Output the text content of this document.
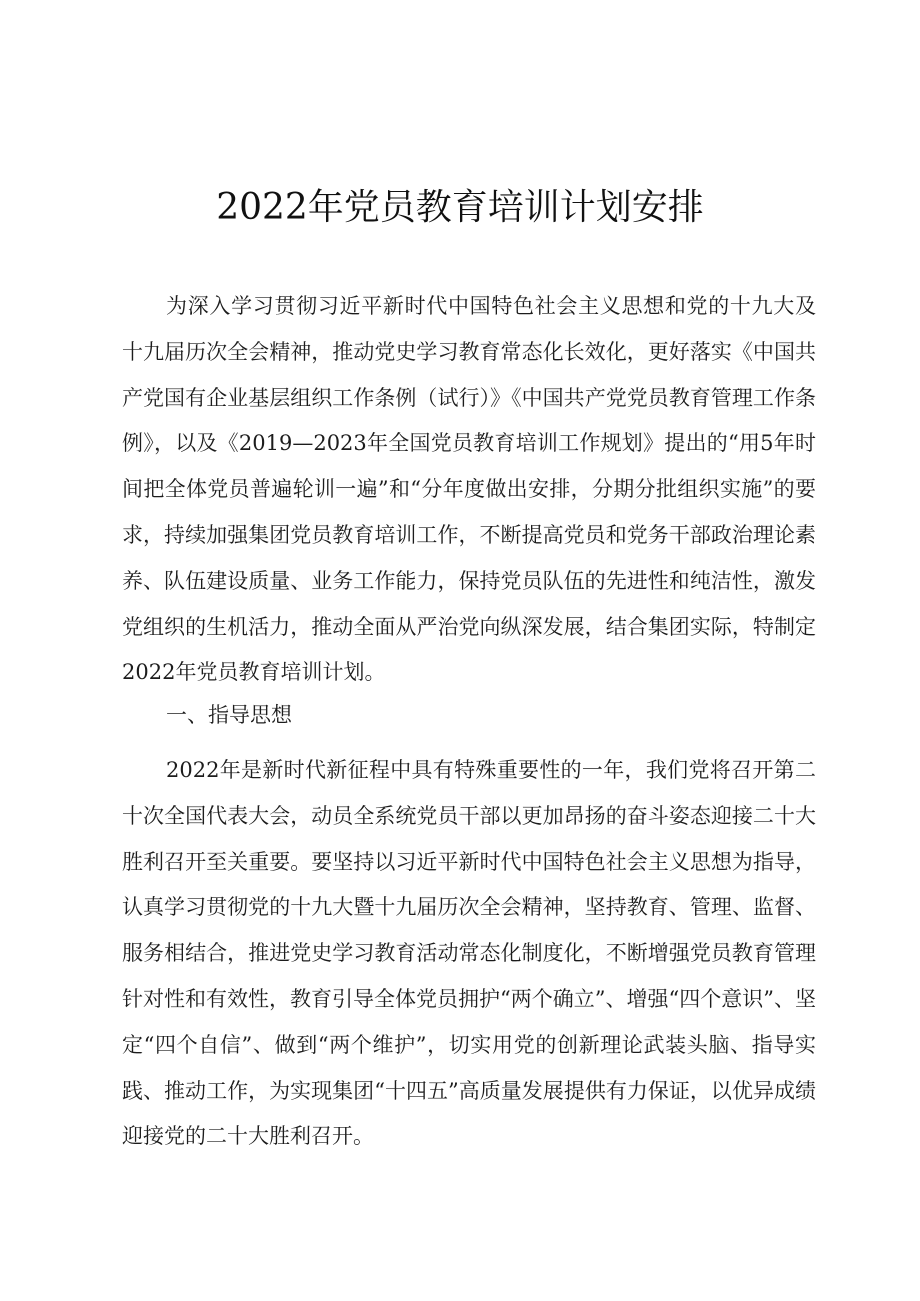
2022年党员教育培训计划安排

为深入学习贯彻习近平新时代中国特色社会主义思想和党的十九大及十九届历次全会精神，推动党史学习教育常态化长效化，更好落实《中国共产党国有企业基层组织工作条例（试行）》《中国共产党党员教育管理工作条例》，以及《2019—2023年全国党员教育培训工作规划》提出的“用5年时间把全体党员普遍轮训一遍”和“分年度做出安排，分期分批组织实施”的要求，持续加强集团党员教育培训工作，不断提高党员和党务干部政治理论素养、队伍建设质量、业务工作能力，保持党员队伍的先进性和纯洁性，激发党组织的生机活力，推动全面从严治党向纵深发展，结合集团实际，特制定2022年党员教育培训计划。

一、指导思想

2022年是新时代新征程中具有特殊重要性的一年，我们党将召开第二十次全国代表大会，动员全系统党员干部以更加昂扬的奋斗姿态迎接二十大胜利召开至关重要。要坚持以习近平新时代中国特色社会主义思想为指导，认真学习贯彻党的十九大暨十九届历次全会精神，坚持教育、管理、监督、服务相结合，推进党史学习教育活动常态化制度化，不断增强党员教育管理针对性和有效性，教育引导全体党员拥护“两个确立”、增强“四个意识”、坚定“四个自信”、做到“两个维护”，切实用党的创新理论武装头脑、指导实践、推动工作，为实现集团“十四五”高质量发展提供有力保证，以优异成绩迎接党的二十大胜利召开。
